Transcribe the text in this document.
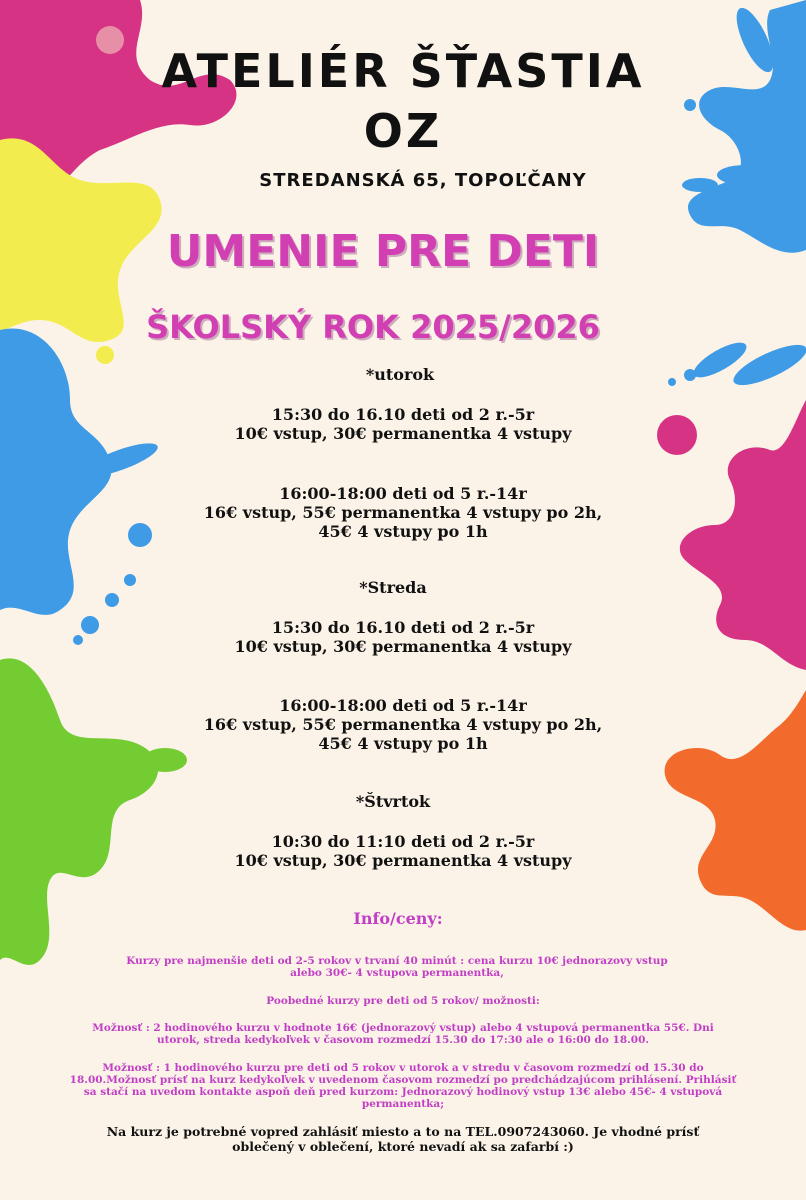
ATELIÉR ŠŤASTIA
OZ
STREDANSKÁ 65, TOPOĽČANY
UMENIE PRE DETI
ŠKOLSKÝ ROK 2025/2026
*utorok
15:30 do 16.10 deti od 2 r.-5r
10€ vstup, 30€ permanentka 4 vstupy
16:00-18:00 deti od 5 r.-14r
16€ vstup, 55€ permanentka 4 vstupy po 2h,
45€ 4 vstupy po 1h
*Streda
15:30 do 16.10 deti od 2 r.-5r
10€ vstup, 30€ permanentka 4 vstupy
16:00-18:00 deti od 5 r.-14r
16€ vstup, 55€ permanentka 4 vstupy po 2h,
45€ 4 vstupy po 1h
*Štvrtok
10:30 do 11:10 deti od 2 r.-5r
10€ vstup, 30€ permanentka 4 vstupy
Info/ceny:
Kurzy pre najmenšie deti od 2-5 rokov v trvaní 40 minút : cena kurzu 10€ jednorazovy vstup
alebo 30€- 4 vstupova permanentka,
Poobedné kurzy pre deti od 5 rokov/ možnosti:
Možnosť : 2 hodinového kurzu v hodnote 16€ (jednorazový vstup) alebo 4 vstupová permanentka 55€. Dni
utorok, streda kedykoľvek v časovom rozmedzí 15.30 do 17:30 ale o 16:00 do 18.00.
Možnosť : 1 hodinového kurzu pre deti od 5 rokov v utorok a v stredu v časovom rozmedzí od 15.30 do
18.00.Možnosť prísť na kurz kedykoľvek v uvedenom časovom rozmedzí po predchádzajúcom prihlásení. Prihlásiť
sa stačí na uvedom kontakte aspoň deň pred kurzom: Jednorazový hodinový vstup 13€ alebo 45€- 4 vstupová
permanentka;
Na kurz je potrebné vopred zahlásiť miesto a to na TEL.0907243060. Je vhodné prísť
oblečený v oblečení, ktoré nevadí ak sa zafarbí :)
